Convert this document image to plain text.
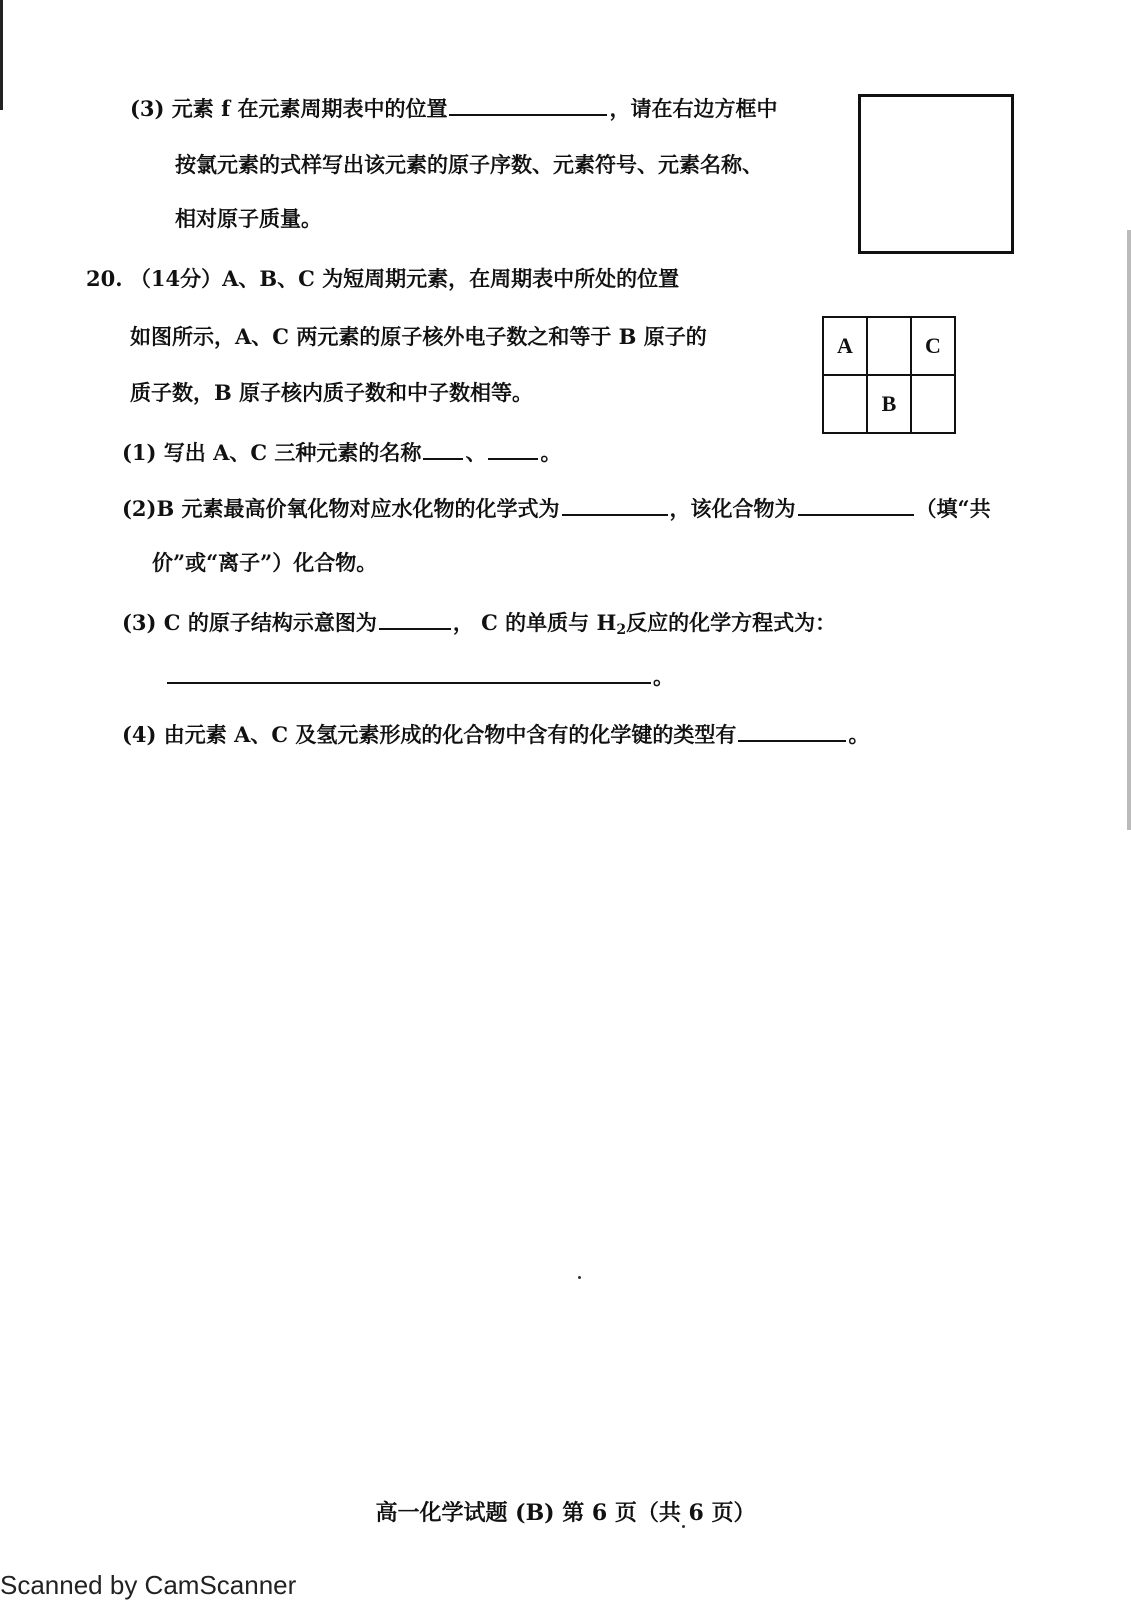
(3) 元素 f 在元素周期表中的位置	，请在右边方框中
按氯元素的式样写出该元素的原子序数、元素符号、元素名称、
相对原子质量。
20. （14分）A、B、C 为短周期元素，在周期表中所处的位置
如图所示，A、C 两元素的原子核外电子数之和等于 B 原子的
质子数，B 原子核内质子数和中子数相等。
A		C
	B	
(1) 写出 A、C 三种元素的名称 、	。
(2)B 元素最高价氧化物对应水化物的化学式为	，该化合物为	（填“共
价”或“离子”）化合物。
(3) C 的原子结构示意图为	， C 的单质与 $H_2$反应的化学方程式为：
。
(4) 由元素 A、C 及氢元素形成的化合物中含有的化学键的类型有	。
高一化学试题 (B) 第 6 页（共 6 页）
Scanned by CamScanner
